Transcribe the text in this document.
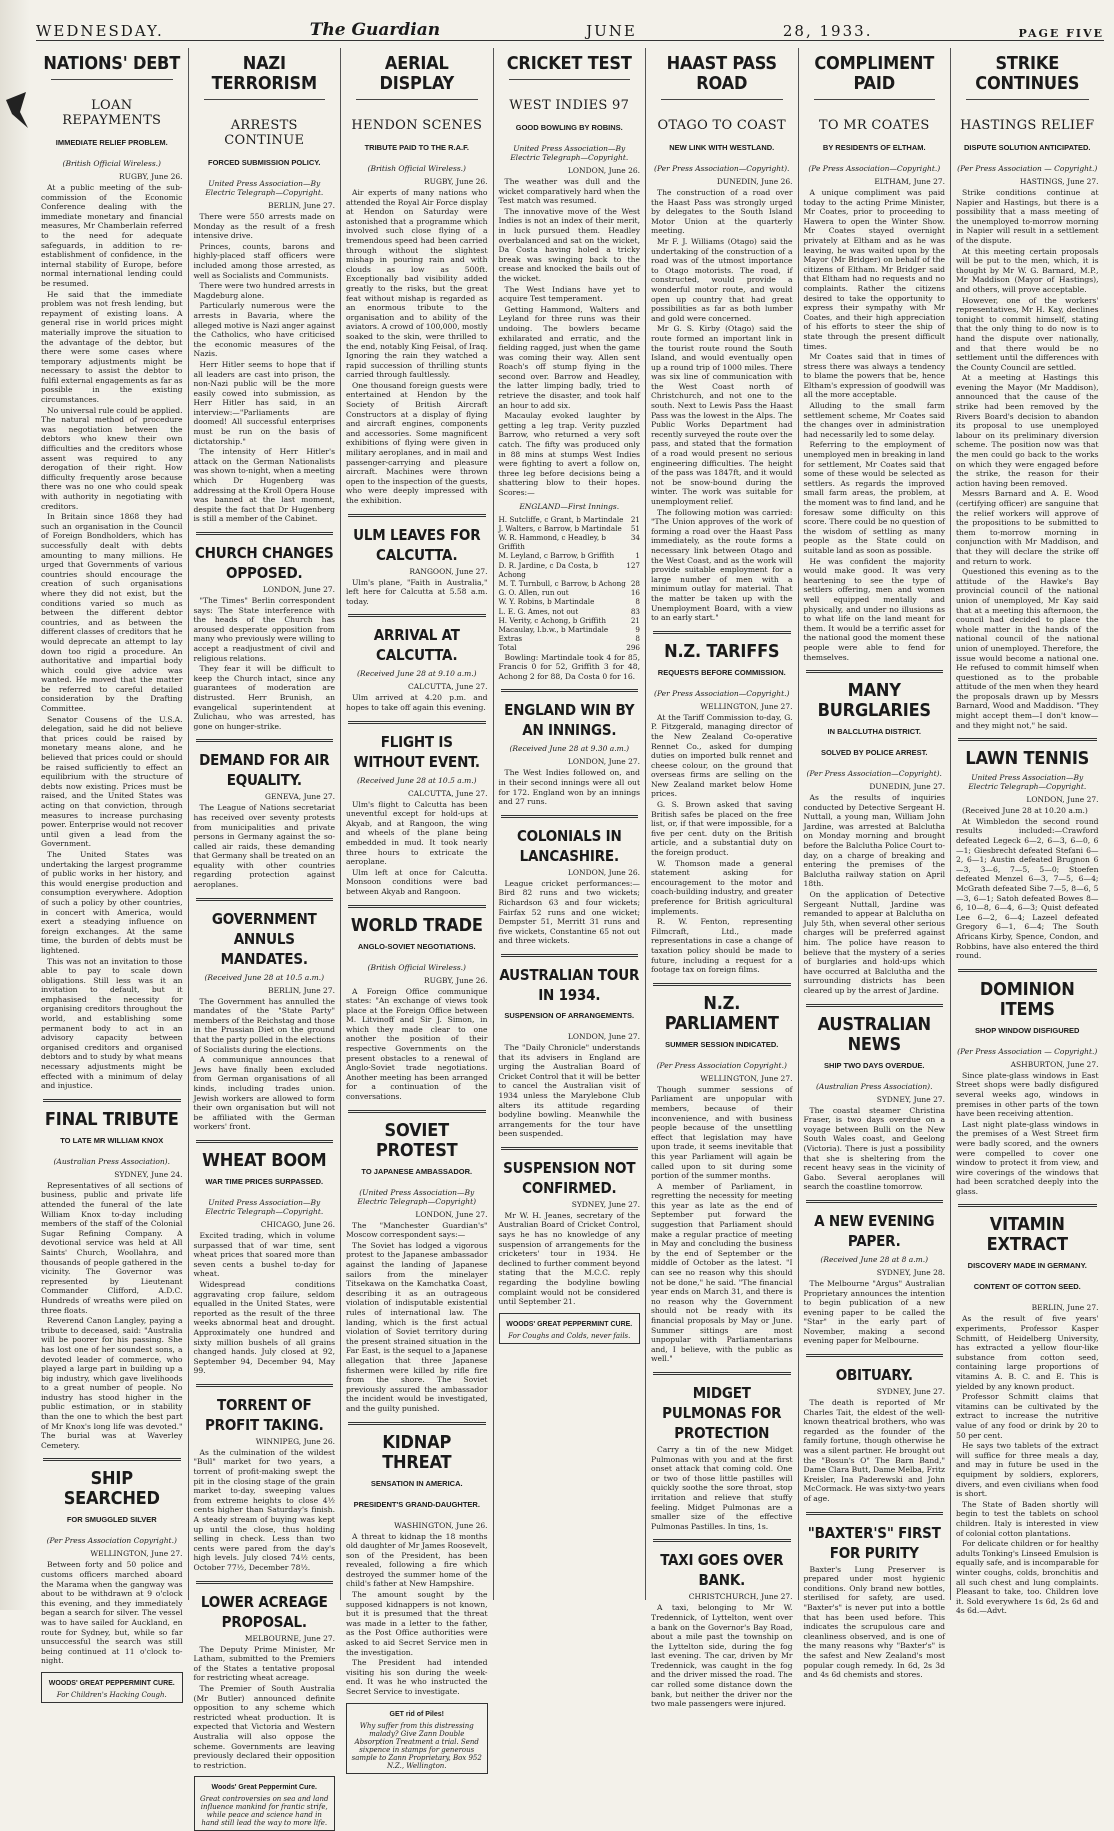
WEDNESDAY.	The Guardian	JUNE	28, 1933.	PAGE FIVE
NATIONS' DEBT
LOAN REPAYMENTS
IMMEDIATE RELIEF PROBLEM.
(British Official Wireless.)
RUGBY, June 26.

At a public meeting of the sub-commission of the Economic Conference dealing with the immediate monetary and financial measures, Mr Chamberlain referred to the need for adequate safeguards, in addition to re-establishment of confidence, in the internal stability of Europe, before normal international lending could be resumed.

He said that the immediate problem was not fresh lending, but repayment of existing loans. A general rise in world prices might materially improve the situation to the advantage of the debtor, but there were some cases where temporary adjustments might be necessary to assist the debtor to fulfil external engagements as far as possible in the existing circumstances.

No universal rule could be applied. The natural method of procedure was negotiation between the debtors who knew their own difficulties and the creditors whose assent was required to any derogation of their right. How difficulty frequently arose because there was no one who could speak with authority in negotiating with creditors.

In Britain since 1868 they had such an organisation in the Council of Foreign Bondholders, which has successfully dealt with debts amounting to many millions. He urged that Governments of various countries should encourage the creation of such organisations where they did not exist, but the conditions varied so much as between the different debtor countries, and as between the different classes of creditors that he would deprecate an attempt to lay down too rigid a procedure. An authoritative and impartial body which could give advice was wanted. He moved that the matter be referred to careful detailed consideration by the Drafting Committee.

Senator Cousens of the U.S.A. delegation, said he did not believe that prices could be raised by monetary means alone, and he believed that prices could or should be raised sufficiently to effect an equilibrium with the structure of debts now existing. Prices must be raised, and the United States was acting on that conviction, through measures to increase purchasing power. Enterprise would not recover until given a lead from the Government.

The United States was undertaking the largest programme of public works in her history, and this would energise production and consumption everywhere. Adoption of such a policy by other countries, in concert with America, would exert a steadying influence on foreign exchanges. At the same time, the burden of debts must be lightened.

This was not an invitation to those able to pay to scale down obligations. Still less was it an invitation to default, but it emphasised the necessity for organising creditors throughout the world, and establishing some permanent body to act in an advisory capacity between organised creditors and organised debtors and to study by what means necessary adjustments might be effected with a minimum of delay and injustice.

FINAL TRIBUTE
TO LATE MR WILLIAM KNOX
(Australian Press Association).
SYDNEY, June 24.

Representatives of all sections of business, public and private life attended the funeral of the late William Knox to-day including members of the staff of the Colonial Sugar Refining Company. A devotional service was held at All Saints' Church, Woollahra, and thousands of people gathered in the vicinity. The Governor was represented by Lieutenant Commander Clifford, A.D.C. Hundreds of wreaths were piled on three floats.

Reverend Canon Langley, paying a tribute to deceased, said: "Australia will be poorer for his passing. She has lost one of her soundest sons, a devoted leader of commerce, who played a large part in building up a big industry, which gave livelihoods to a great number of people. No industry has stood higher in the public estimation, or in stability than the one to which the best part of Mr Knox's long life was devoted." The burial was at Waverley Cemetery.

SHIP SEARCHED
FOR SMUGGLED SILVER
(Per Press Association Copyright.)
WELLINGTON, June 27.

Between forty and 50 police and customs officers marched aboard the Marama when the gangway was about to be withdrawn at 9 o'clock this evening, and they immediately began a search for silver. The vessel was to have sailed for Auckland, en route for Sydney, but, while so far unsuccessful the search was still being continued at 11 o'clock to-night.

WOODS' GREAT PEPPERMINT CURE.
For Children's Hacking Cough.
NAZI TERRORISM
ARRESTS CONTINUE
FORCED SUBMISSION POLICY.
United Press Association—By Electric Telegraph—Copyright.
BERLIN, June 27.

There were 550 arrests made on Monday as the result of a fresh intensive drive.

Princes, counts, barons and highly-placed staff officers were included among those arrested, as well as Socialists and Communists.

There were two hundred arrests in Magdeburg alone.

Particularly numerous were the arrests in Bavaria, where the alleged motive is Nazi anger against the Catholics, who have criticised the economic measures of the Nazis.

Herr Hitler seems to hope that if all leaders are cast into prison, the non-Nazi public will be the more easily cowed into submission, as Herr Hitler has said, in an interview:—"Parliaments are doomed! All successful enterprises must be run on the basis of dictatorship."

The intensity of Herr Hitler's attack on the German Nationalists was shown to-night, when a meeting which Dr Hugenberg was addressing at the Kroll Opera House was banned at the last moment, despite the fact that Dr Hugenberg is still a member of the Cabinet.

CHURCH CHANGES OPPOSED.
LONDON, June 27.

"The Times" Berlin correspondent says: The State interference with the heads of the Church has aroused desperate opposition from many who previously were willing to accept a readjustment of civil and religious relations.

They fear it will be difficult to keep the Church intact, since any guarantees of moderation are distrusted. Herr Brunish, an evangelical superintendent at Zulichau, who was arrested, has gone on hunger-strike.

DEMAND FOR AIR EQUALITY.
GENEVA, June 27.

The League of Nations secretariat has received over seventy protests from municipalities and private persons in Germany against the so-called air raids, these demanding that Germany shall be treated on an equality with other countries regarding protection against aeroplanes.

GOVERNMENT ANNULS MANDATES.
(Received June 28 at 10.5 a.m.)
BERLIN, June 27.

The Government has annulled the mandates of the "State Party" members of the Reichstag and those in the Prussian Diet on the ground that the party polled in the elections of Socialists during the elections.

A communique announces that Jews have finally been excluded from German organisations of all kinds, including trades union. Jewish workers are allowed to form their own organisation but will not be affiliated with the German workers' front.

WHEAT BOOM
WAR TIME PRICES SURPASSED.
United Press Association—By Electric Telegraph—Copyright.
CHICAGO, June 26.

Excited trading, which in volume surpassed that of war time, sent wheat prices that soared more than seven cents a bushel to-day for wheat.

Widespread conditions aggravating crop failure, seldom equalled in the United States, were reported as the result of the three weeks abnormal heat and drought. Approximately one hundred and sixty million bushels of all grains changed hands. July closed at 92, September 94, December 94, May 99.

TORRENT OF PROFIT TAKING.
WINNIPEG, June 26.

As the culmination of the wildest "Bull" market for two years, a torrent of profit-making swept the pit in the closing stage of the grain market to-day, sweeping values from extreme heights to close 4½ cents higher than Saturday's finish. A steady stream of buying was kept up until the close, thus holding selling in check. Less than two cents were pared from the day's high levels. July closed 74½ cents, October 77½, December 78½.

LOWER ACREAGE PROPOSAL.
MELBOURNE, June 27.

The Deputy Prime Minister, Mr Latham, submitted to the Premiers of the States a tentative proposal for restricting wheat acreage.

The Premier of South Australia (Mr Butler) announced definite opposition to any scheme which restricted wheat production. It is expected that Victoria and Western Australia will also oppose the scheme. Governments are leaving previously declared their opposition to restriction.

Woods' Great Peppermint Cure.
Great controversies on sea and land influence mankind for frantic strife, while peace and science hand in hand still lead the way to more life.
AERIAL DISPLAY
HENDON SCENES
TRIBUTE PAID TO THE R.A.F.
(British Official Wireless.)
RUGBY, June 26.

Air experts of many nations who attended the Royal Air Force display at Hendon on Saturday were astonished that a programme which involved such close flying of a tremendous speed had been carried through without the slightest mishap in pouring rain and with clouds as low as 500ft. Exceptionally bad visibility added greatly to the risks, but the great feat without mishap is regarded as an enormous tribute to the organisation and to ability of the aviators. A crowd of 100,000, mostly soaked to the skin, were thrilled to the end, notably King Feisal, of Iraq. Ignoring the rain they watched a rapid succession of thrilling stunts carried through faultlessly.

One thousand foreign guests were entertained at Hendon by the Society of British Aircraft Constructors at a display of flying and aircraft engines, components and accessories. Some magnificent exhibitions of flying were given in military aeroplanes, and in mail and passenger-carrying and pleasure aircraft. Machines were thrown open to the inspection of the guests, who were deeply impressed with the exhibition.

ULM LEAVES FOR CALCUTTA.
RANGOON, June 27.

Ulm's plane, "Faith in Australia," left here for Calcutta at 5.58 a.m. today.

ARRIVAL AT CALCUTTA.
(Received June 28 at 9.10 a.m.)
CALCUTTA, June 27.

Ulm arrived at 4.20 p.m. and hopes to take off again this evening.

FLIGHT IS WITHOUT EVENT.
(Received June 28 at 10.5 a.m.)
CALCUTTA, June 27.

Ulm's flight to Calcutta has been uneventful except for hold-ups at Akyab, and at Rangoon, the wing and wheels of the plane being embedded in mud. It took nearly three hours to extricate the aeroplane.

Ulm left at once for Calcutta. Monsoon conditions were bad between Akyab and Rangoon.

WORLD TRADE
ANGLO-SOVIET NEGOTIATIONS.
(British Official Wireless.)
RUGBY, June 26.

A Foreign Office communique states: "An exchange of views took place at the Foreign Office between M. Litvinoff and Sir J. Simon, in which they made clear to one another the position of their respective Governments on the present obstacles to a renewal of Anglo-Soviet trade negotiations. Another meeting has been arranged for a continuation of the conversations.

SOVIET PROTEST
TO JAPANESE AMBASSADOR.
(United Press Association—By Electric Telegraph—Copyright)
LONDON, June 27.

The "Manchester Guardian's" Moscow correspondent says:—

The Soviet has lodged a vigorous protest to the Japanese ambassador against the landing of Japanese sailors from the minelayer Titsekawa on the Kamchatka Coast, describing it as an outrageous violation of indisputable existential rules of international law. The landing, which is the first actual violation of Soviet territory during the present strained situation in the Far East, is the sequel to a Japanese allegation that three Japanese fishermen were killed by rifle fire from the shore. The Soviet previously assured the ambassador the incident would be investigated, and the guilty punished.

KIDNAP THREAT
SENSATION IN AMERICA.
PRESIDENT'S GRAND-DAUGHTER.
WASHINGTON, June 26.

A threat to kidnap the 18 months old daughter of Mr James Roosevelt, son of the President, has been revealed, following a fire which destroyed the summer home of the child's father at New Hampshire.

The amount sought by the supposed kidnappers is not known, but it is presumed that the threat was made in a letter to the father, as the Post Office authorities were asked to aid Secret Service men in the investigation.

The President had intended visiting his son during the week-end. It was he who instructed the Secret Service to investigate.

GET rid of Piles!
Why suffer from this distressing malady? Give Zann Double Absorption Treatment a trial. Send sixpence in stamps for generous sample to Zann Proprietary, Box 952 N.Z., Wellington.
CRICKET TEST
WEST INDIES 97
GOOD BOWLING BY ROBINS.
United Press Association—By Electric Telegraph—Copyright.
LONDON, June 26.

The weather was dull and the wicket comparatively hard when the Test match was resumed.

The innovative move of the West Indies is not an index of their merit, in luck pursued them. Headley overbalanced and sat on the wicket, Da Costa having holed a tricky break was swinging back to the crease and knocked the bails out of the wicket.

The West Indians have yet to acquire Test temperament.

Getting Hammond, Walters and Leyland for three runs was their undoing. The bowlers became exhilarated and erratic, and the fielding ragged, just when the game was coming their way. Allen sent Roach's off stump flying in the second over. Barrow and Headley, the latter limping badly, tried to retrieve the disaster, and took half an hour to add six.

Macaulay evoked laughter by getting a leg trap. Verity puzzled Barrow, who returned a very soft catch. The fifty was produced only in 88 mins at stumps West Indies were fighting to avert a follow on, three leg before decisions being a shattering blow to their hopes. Scores:—

ENGLAND—First Innings.
H. Sutcliffe, c Grant, b Martindale 21
J. Walters, c Barrow, b Martindale 51
W. R. Hammond, c Headley, b Griffith
34
M. Leyland, c Barrow, b Griffith	1
D. R. Jardine, c Da Costa, b Achong
127
M. T. Turnbull, c Barrow, b Achong 28
G. O. Allen, run out	16
W. Y. Robins, b Martindale	8
L. E. G. Ames, not out	83
H. Verity, c Achong, b Griffith	21
Macaulay, l.b.w., b Martindale	9
Extras	8
Total	296

Bowling: Martindale took 4 for 85, Francis 0 for 52, Griffith 3 for 48, Achong 2 for 88, Da Costa 0 for 16.

ENGLAND WIN BY AN INNINGS.
(Received June 28 at 9.30 a.m.)
LONDON, June 27.

The West Indies followed on, and in their second innings were all out for 172. England won by an innings and 27 runs.

COLONIALS IN LANCASHIRE.
LONDON, June 26.

League cricket performances:—Bird 82 runs and two wickets; Richardson 63 and four wickets; Fairfax 52 runs and one wicket; Dempster 51, Merritt 31 runs and five wickets, Constantine 65 not out and three wickets.

AUSTRALIAN TOUR IN 1934.
SUSPENSION OF ARRANGEMENTS.
LONDON, June 27.

The "Daily Chronicle" understands that its advisers in England are urging the Australian Board of Cricket Control that it will be better to cancel the Australian visit of 1934 unless the Marylebone Club alters its attitude regarding bodyline bowling. Meanwhile the arrangements for the tour have been suspended.

SUSPENSION NOT CONFIRMED.
SYDNEY, June 27.

Mr W. H. Jeanes, secretary of the Australian Board of Cricket Control, says he has no knowledge of any suspension of arrangements for the cricketers' tour in 1934. He declined to further comment beyond stating that the M.C.C. reply regarding the bodyline bowling complaint would not be considered until September 21.

WOODS' GREAT PEPPERMINT CURE.
For Coughs and Colds, never fails.
HAAST PASS ROAD
OTAGO TO COAST
NEW LINK WITH WESTLAND.
(Per Press Association—Copyright).
DUNEDIN, June 26.

The construction of a road over the Haast Pass was strongly urged by delegates to the South Island Motor Union at the quarterly meeting.

Mr F. J. Williams (Otago) said the undertaking of the construction of a road was of the utmost importance to Otago motorists. The road, if constructed, would provide a wonderful motor route, and would open up country that had great possibilities as far as both lumber and gold were concerned.

Mr G. S. Kirby (Otago) said the route formed an important link in the tourist route round the South Island, and would eventually open up a round trip of 1000 miles. There was six line of communication with the West Coast north of Christchurch, and not one to the south. Next to Lewis Pass the Haast Pass was the lowest in the Alps. The Public Works Department had recently surveyed the route over the pass, and stated that the formation of a road would present no serious engineering difficulties. The height of the pass was 1847ft, and it would not be snow-bound during the winter. The work was suitable for unemployment relief.

The following motion was carried: "The Union approves of the work of forming a road over the Haast Pass immediately, as the route forms a necessary link between Otago and the West Coast, and as the work will provide suitable employment for a large number of men with a minimum outlay for material. That the matter be taken up with the Unemployment Board, with a view to an early start."

N.Z. TARIFFS
REQUESTS BEFORE COMMISSION.
(Per Press Association—Copyright.)
WELLINGTON, June 27.

At the Tariff Commission to-day, G. P. Fitzgerald, managing director of the New Zealand Co-operative Rennet Co., asked for dumping duties on imported bulk rennet and cheese colour, on the ground that overseas firms are selling on the New Zealand market below Home prices.

G. S. Brown asked that saving British safes be placed on the free list, or, if that were impossible, for a five per cent. duty on the British article, and a substantial duty on the foreign product.

W. Thomson made a general statement asking for encouragement to the motor and coach-building industry, and greater preference for British agricultural implements.

R. W. Fenton, representing Filmcraft, Ltd., made representations in case a change of taxation policy should be made to future, including a request for a footage tax on foreign films.

N.Z. PARLIAMENT
SUMMER SESSION INDICATED.
(Per Press Association Copyright.)
WELLINGTON, June 27.

Though summer sessions of Parliament are unpopular with members, because of their inconvenience, and with business people because of the unsettling effect that legislation may have upon trade, it seems inevitable that this year Parliament will again be called upon to sit during some portion of the summer months.

A member of Parliament, in regretting the necessity for meeting this year as late as the end of September put forward the suggestion that Parliament should make a regular practice of meeting in May and concluding the business by the end of September or the middle of October as the latest. "I can see no reason why this should not be done," he said. "The financial year ends on March 31, and there is no reason why the Government should not be ready with its financial proposals by May or June. Summer sittings are most unpopular with Parliamentarians and, I believe, with the public as well."

MIDGET PULMONAS FOR PROTECTION

Carry a tin of the new Midget Pulmonas with you and at the first onset attack that coming cold. One or two of those little pastilles will quickly soothe the sore throat, stop irritation and relieve that stuffy feeling. Midget Pulmonas are a smaller size of the effective Pulmonas Pastilles. In tins, 1s.

TAXI GOES OVER BANK.
CHRISTCHURCH, June 27.

A taxi, belonging to Mr W. Tredennick, of Lyttelton, went over a bank on the Governor's Bay Road, about a mile past the township on the Lyttelton side, during the fog last evening. The car, driven by Mr Tredennick, was caught in the fog and the driver missed the road. The car rolled some distance down the bank, but neither the driver nor the two male passengers were injured.

COMPLIMENT PAID
TO MR COATES
BY RESIDENTS OF ELTHAM.
(Pe Press Association—Copyright.)
ELTHAM, June 27.

A unique compliment was paid today to the acting Prime Minister, Mr Coates, prior to proceeding to Hawera to open the Winter Show. Mr Coates stayed overnight privately at Eltham and as he was leaving, he was waited upon by the Mayor (Mr Bridger) on behalf of the citizens of Eltham. Mr Bridger said that Eltham had no requests and no complaints. Rather the citizens desired to take the opportunity to express their sympathy with Mr Coates, and their high appreciation of his efforts to steer the ship of state through the present difficult times.

Mr Coates said that in times of stress there was always a tendency to blame the powers that be, hence Eltham's expression of goodwill was all the more acceptable.

Alluding to the small farm settlement scheme, Mr Coates said the changes over in administration had necessarily led to some delay.

Referring to the employment of unemployed men in breaking in land for settlement, Mr Coates said that some of these would be selected as settlers. As regards the improved small farm areas, the problem, at the moment was to find land, and he foresaw some difficulty on this score. There could be no question of the wisdom of settling as many people as the State could on suitable land as soon as possible.

He was confident the majority would make good. It was very heartening to see the type of settlers offering, men and women well equipped mentally and physically, and under no illusions as to what life on the land meant for them. It would be a terrific asset for the national good the moment these people were able to fend for themselves.

MANY BURGLARIES
IN BALCLUTHA DISTRICT.
SOLVED BY POLICE ARREST.
(Per Press Association—Copyright).
DUNEDIN, June 27.

As the results of inquiries conducted by Detective Sergeant H. Nuttall, a young man, William John Jardine, was arrested at Balclutha on Monday morning and brought before the Balclutha Police Court to-day, on a charge of breaking and entering the premises of the Balclutha railway station on April 18th.

On the application of Detective Sergeant Nuttall, Jardine was remanded to appear at Balclutha on July 5th, when several other serious charges will be preferred against him. The police have reason to believe that the mystery of a series of burglaries and hold-ups which have occurred at Balclutha and the surrounding districts has been cleared up by the arrest of Jardine.

AUSTRALIAN NEWS
SHIP TWO DAYS OVERDUE.
(Australian Press Association).
SYDNEY, June 27.

The coastal steamer Christina Fraser, is two days overdue on a voyage between Bulli on the New South Wales coast, and Geelong (Victoria). There is just a possibility that she is sheltering from the recent heavy seas in the vicinity of Gabo. Several aeroplanes will search the coastline tomorrow.

A NEW EVENING PAPER.
(Received June 28 at 8 a.m.)
SYDNEY, June 28.

The Melbourne "Argus" Australian Proprietary announces the intention to begin publication of a new evening paper to be called the "Star" in the early part of November, making a second evening paper for Melbourne.

OBITUARY.
SYDNEY, June 27.

The death is reported of Mr Charles Tait, the eldest of the well-known theatrical brothers, who was regarded as the founder of the family fortune, though otherwise he was a silent partner. He brought out the "Bosun's O" The Barn Band," Dame Clara Butt, Dame Melba, Fritz Kreisler, Ina Paderewski and John McCormack. He was sixty-two years of age.

"BAXTER'S" FIRST FOR PURITY

Baxter's Lung Preserver is prepared under most hygienic conditions. Only brand new bottles, sterilised for safety, are used. "Baxter's" is never put into a bottle that has been used before. This indicates the scrupulous care and cleanliness observed, and is one of the many reasons why "Baxter's" is the safest and New Zealand's most popular cough remedy. In 6d, 2s 3d and 4s 6d chemists and stores.

STRIKE CONTINUES
HASTINGS RELIEF
DISPUTE SOLUTION ANTICIPATED.
(Per Press Association — Copyright.)
HASTINGS, June 27.

Strike conditions continue at Napier and Hastings, but there is a possibility that a mass meeting of the unemployed to-morrow morning in Napier will result in a settlement of the dispute.

At this meeting certain proposals will be put to the men, which, it is thought by Mr W. G. Barnard, M.P., Mr Maddison (Mayor of Hastings), and others, will prove acceptable.

However, one of the workers' representatives, Mr H. Kay, declines tonight to commit himself, stating that the only thing to do now is to hand the dispute over nationally, and that there would be no settlement until the differences with the County Council are settled.

At a meeting at Hastings this evening the Mayor (Mr Maddison), announced that the cause of the strike had been removed by the Rivers Board's decision to abandon its proposal to use unemployed labour on its preliminary diversion scheme. The position now was that the men could go back to the works on which they were engaged before the strike, the reason for their action having been removed.

Messrs Barnard and A. E. Wood (certifying officer) are sanguine that the relief workers will approve of the propositions to be submitted to them to-morrow morning in conjunction with Mr Maddison, and that they will declare the strike off and return to work.

Questioned this evening as to the attitude of the Hawke's Bay provincial council of the national union of unemployed, Mr Kay said that at a meeting this afternoon, the council had decided to place the whole matter in the hands of the national council of the national union of unemployed. Therefore, the issue would become a national one. He refused to commit himself when questioned as to the probable attitude of the men when they heard the proposals drawn up by Messrs Barnard, Wood and Maddison. "They might accept them—I don't know—and they might not," he said.

LAWN TENNIS
United Press Association—By Electric Telegraph—Copyright.
LONDON, June 27.

(Received June 28 at 10.20 a.m.)

At Wimbledon the second round results included:—Crawford defeated Legeck 6—2, 6—3, 6—0, 6—1; Giesbrecht defeated Stefani 6—2, 6—1; Austin defeated Brugnon 6—3, 3—6, 7—5, 5—0; Stoefen defeated Menzel 6—3, 7—5, 6—4; McGrath defeated Sibe 7—5, 8—6, 5—3, 6—1; Satoh defeated Bowes 8—6, 10—8, 6—4, 6—3; Quist defeated Lee 6—2, 6—4; Lazeel defeated Gregory 6—1, 6—4; The South Africans Kirby, Spence, Condon, and Robbins, have also entered the third round.

DOMINION ITEMS
SHOP WINDOW DISFIGURED
(Per Press Association — Copyright.)
ASHBURTON, June 27.

Since plate-glass windows in East Street shops were badly disfigured several weeks ago, windows in premises in other parts of the town have been receiving attention.

Last night plate-glass windows in the premises of a West Street firm were badly scored, and the owners were compelled to cover one window to protect it from view, and wire coverings of the windows that had been scratched deeply into the glass.

VITAMIN EXTRACT
DISCOVERY MADE IN GERMANY.
CONTENT OF COTTON SEED.
BERLIN, June 27.

As the result of five years' experiments, Professor Kasper Schmitt, of Heidelberg University, has extracted a yellow flour-like substance from cotton seed, containing large proportions of vitamins A. B. C. and E. This is yielded by any known product.

Professor Schmitt claims that vitamins can be cultivated by the extract to increase the nutritive value of any food or drink by 20 to 50 per cent.

He says two tablets of the extract will suffice for three meals a day, and may in future be used in the equipment by soldiers, explorers, divers, and even civilians when food is short.

The State of Baden shortly will begin to test the tablets on school children. Italy is interested in view of colonial cotton plantations.

For delicate children or for healthy adults Tonking's Linseed Emulsion is equally safe, and is incomparable for winter coughs, colds, bronchitis and all such chest and lung complaints. Pleasant to take, too. Children love it. Sold everywhere 1s 6d, 2s 6d and 4s 6d.—Advt.
